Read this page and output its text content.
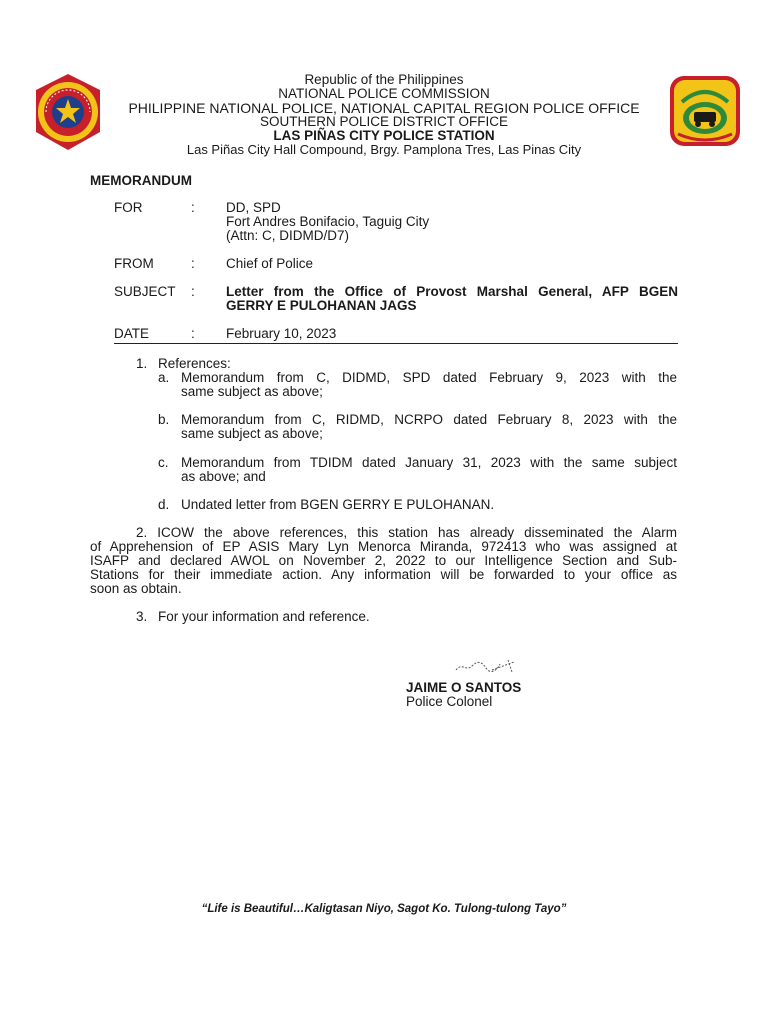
Republic of the Philippines
NATIONAL POLICE COMMISSION
PHILIPPINE NATIONAL POLICE, NATIONAL CAPITAL REGION POLICE OFFICE
SOUTHERN POLICE DISTRICT OFFICE
LAS PIÑAS CITY POLICE STATION
Las Piñas City Hall Compound, Brgy. Pamplona Tres, Las Pinas City
MEMORANDUM
FOR	:	DD, SPD
Fort Andres Bonifacio, Taguig City
(Attn: C, DIDMD/D7)
FROM	:	Chief of Police
SUBJECT :	Letter from the Office of Provost Marshal General, AFP BGEN
GERRY E PULOHANAN JAGS
DATE	:	February 10, 2023
1. References:
a. Memorandum from C, DIDMD, SPD dated February 9, 2023 with the
same subject as above;
b. Memorandum from C, RIDMD, NCRPO dated February 8, 2023 with the
same subject as above;
c. Memorandum from TDIDM dated January 31, 2023 with the same subject
as above; and
d. Undated letter from BGEN GERRY E PULOHANAN.
2. ICOW the above references, this station has already disseminated the Alarm
of Apprehension of EP ASIS Mary Lyn Menorca Miranda, 972413 who was assigned at
ISAFP and declared AWOL on November 2, 2022 to our Intelligence Section and Sub-
Stations for their immediate action. Any information will be forwarded to your office as
soon as obtain.
3. For your information and reference.
JAIME O SANTOS
Police Colonel
“Life is Beautiful…Kaligtasan Niyo, Sagot Ko. Tulong-tulong Tayo”
